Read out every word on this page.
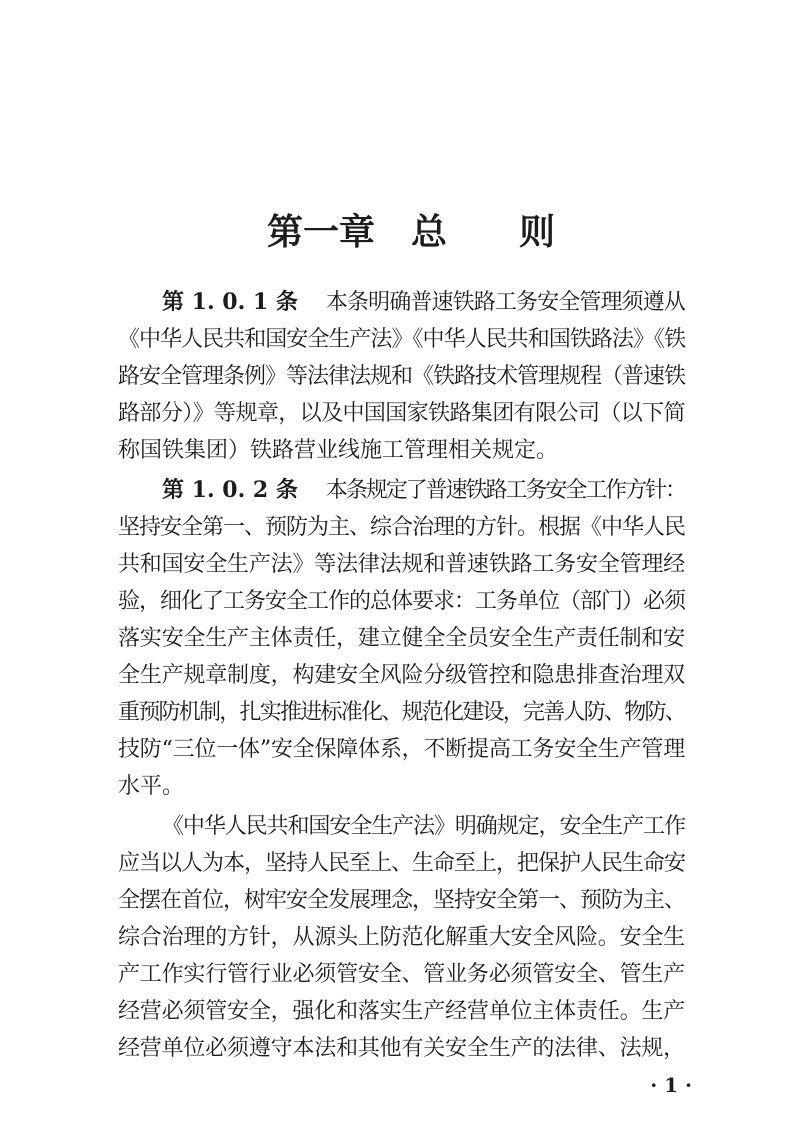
第一章　总　　则
第 1. 0. 1 条 本条明确普速铁路工务安全管理须遵从
《中华人民共和国安全生产法》《中华人民共和国铁路法》《铁
路安全管理条例》等法律法规和《铁路技术管理规程（普速铁
路部分）》等规章，以及中国国家铁路集团有限公司（以下简
称国铁集团）铁路营业线施工管理相关规定。
第 1. 0. 2 条 本条规定了普速铁路工务安全工作方针：
坚持安全第一、预防为主、综合治理的方针。根据《中华人民
共和国安全生产法》等法律法规和普速铁路工务安全管理经
验，细化了工务安全工作的总体要求：工务单位（部门）必须
落实安全生产主体责任，建立健全全员安全生产责任制和安
全生产规章制度，构建安全风险分级管控和隐患排查治理双
重预防机制，扎实推进标准化、规范化建设，完善人防、物防、
技防“三位一体”安全保障体系，不断提高工务安全生产管理
水平。
《中华人民共和国安全生产法》明确规定，安全生产工作
应当以人为本，坚持人民至上、生命至上，把保护人民生命安
全摆在首位，树牢安全发展理念，坚持安全第一、预防为主、
综合治理的方针，从源头上防范化解重大安全风险。安全生
产工作实行管行业必须管安全、管业务必须管安全、管生产
经营必须管安全，强化和落实生产经营单位主体责任。生产
经营单位必须遵守本法和其他有关安全生产的法律、法规，
· 1 ·
